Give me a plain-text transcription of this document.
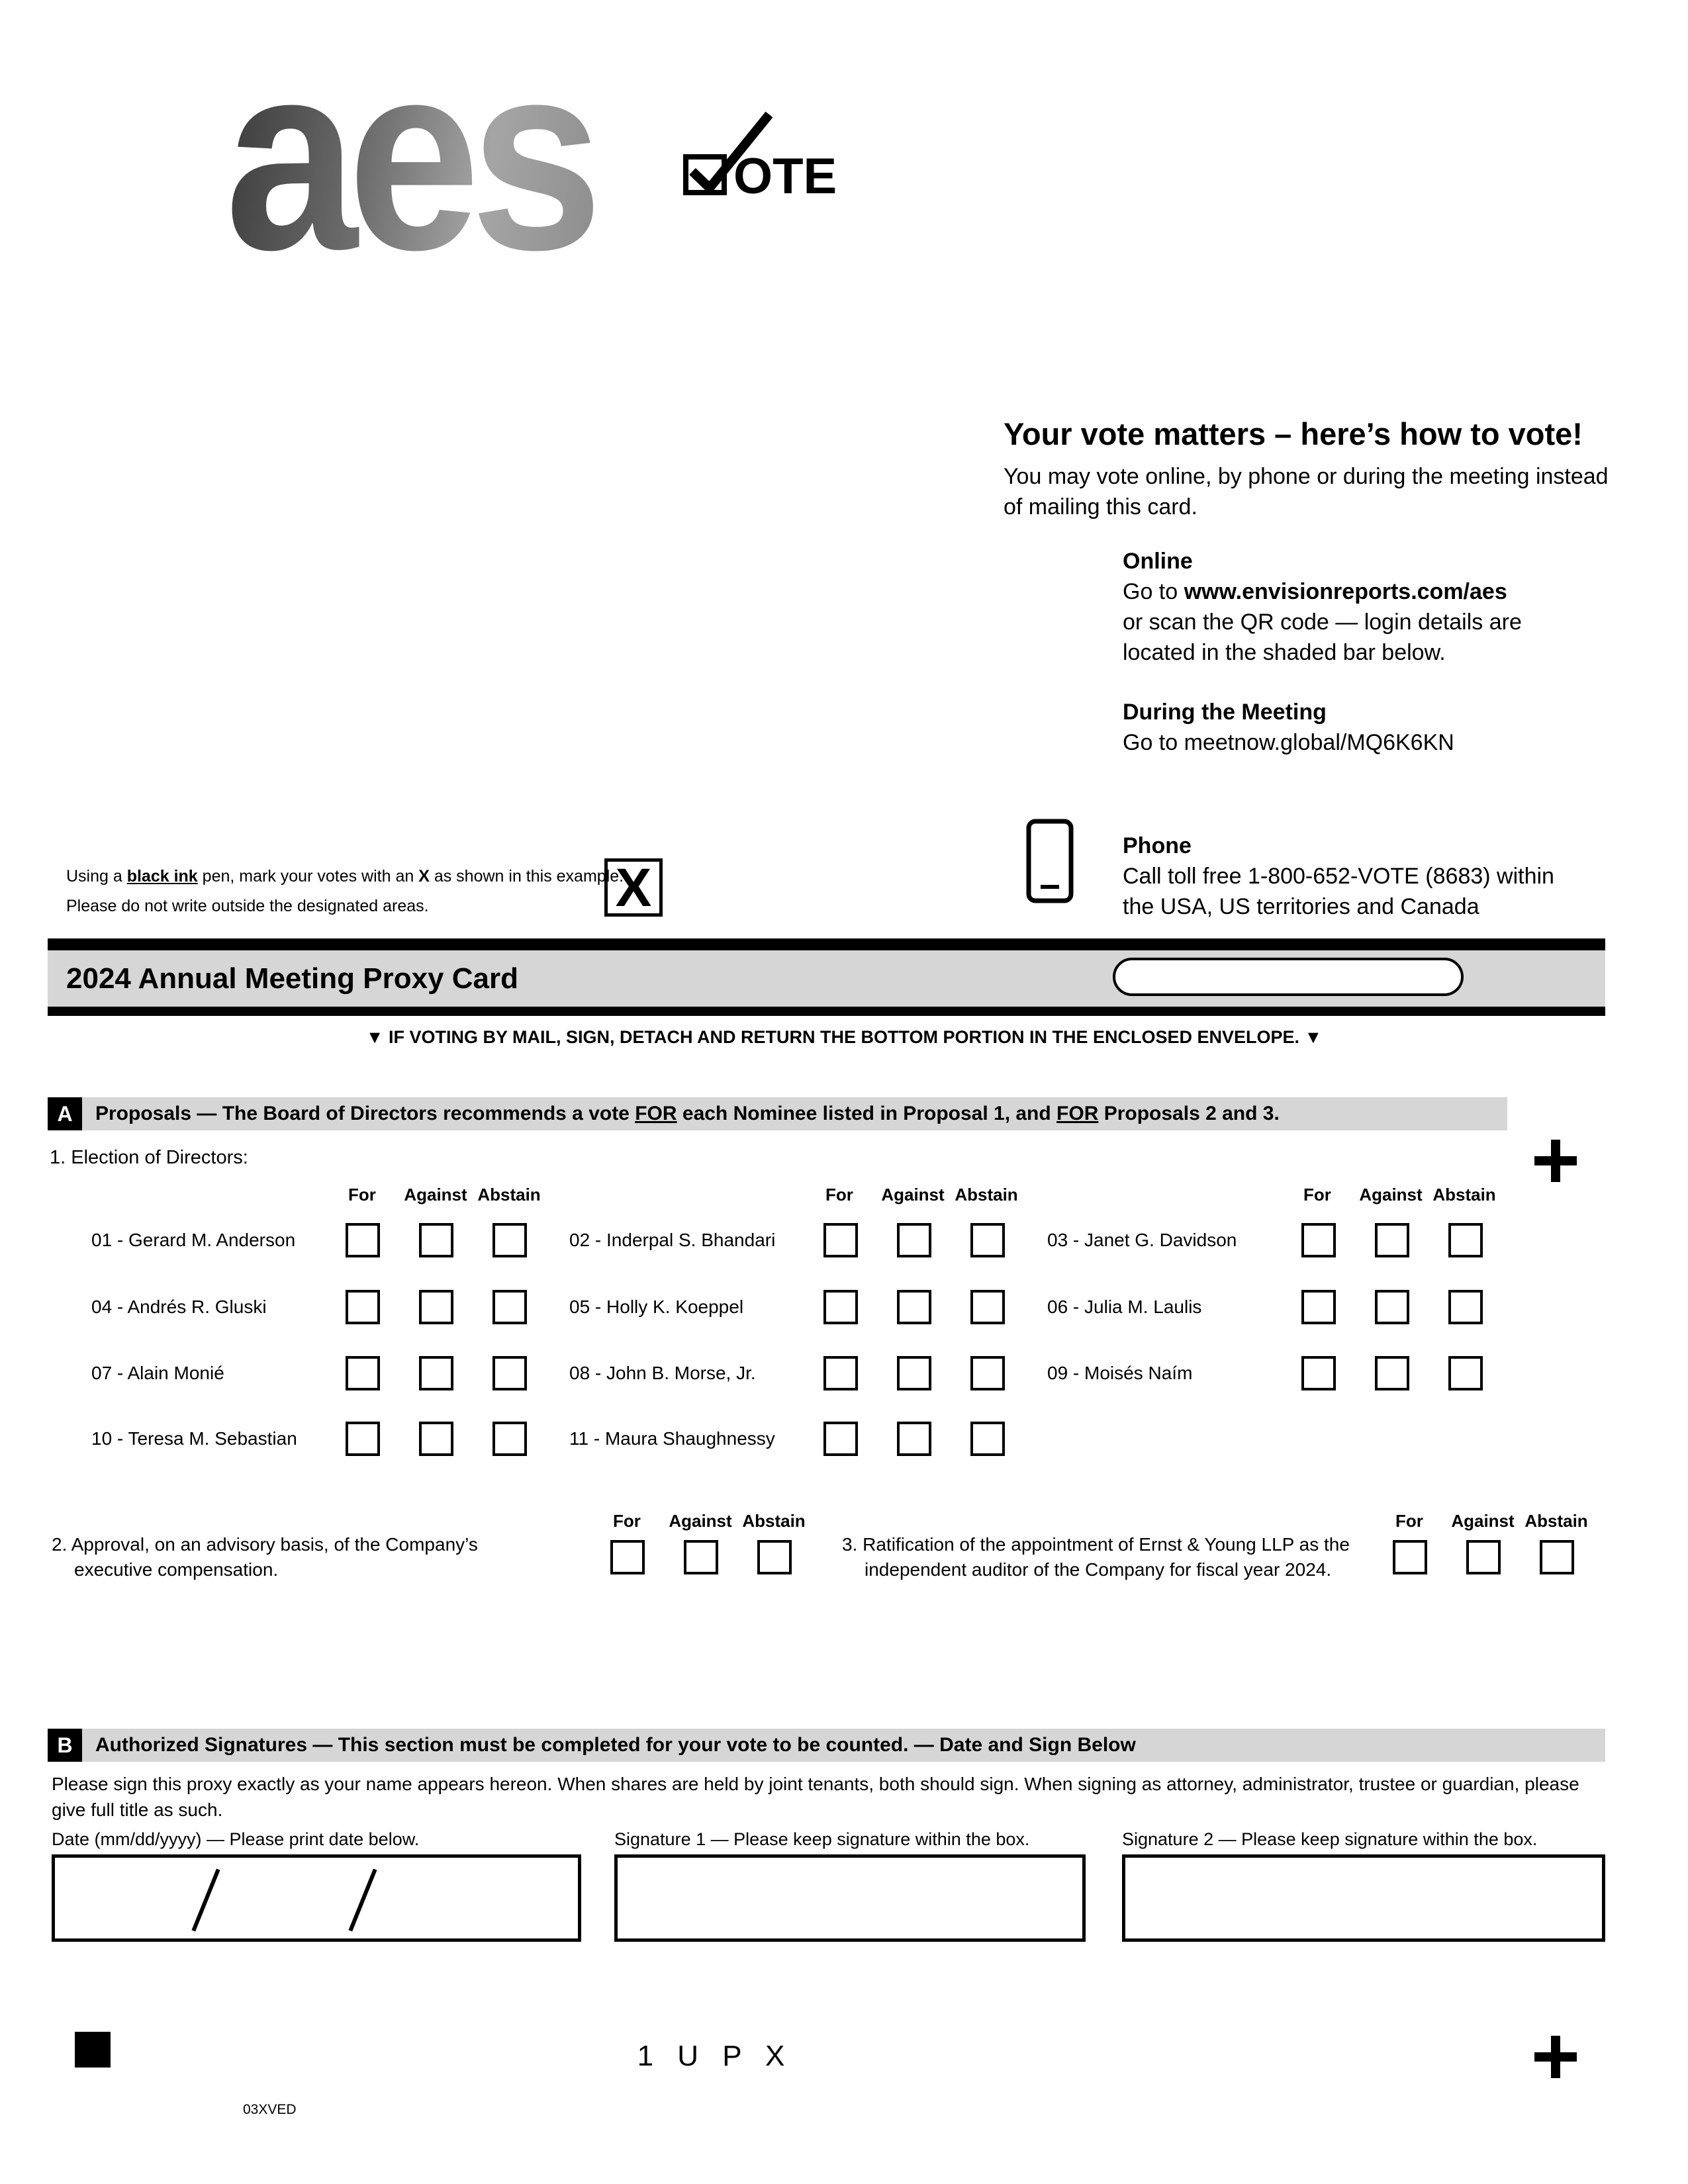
aes	OTE
Your vote matters – here’s how to vote!
You may vote online, by phone or during the meeting instead of mailing this card.
Online
Go to www.envisionreports.com/aes
or scan the QR code — login details are
located in the shaded bar below.
During the Meeting
Go to meetnow.global/MQ6K6KN
Phone
Call toll free 1-800-652-VOTE (8683) within
the USA, US territories and Canada
Using a black ink pen, mark your votes with an X as shown in this example.
Please do not write outside the designated areas.	X
2024 Annual Meeting Proxy Card
▼ IF VOTING BY MAIL, SIGN, DETACH AND RETURN THE BOTTOM PORTION IN THE ENCLOSED ENVELOPE. ▼
A	Proposals — The Board of Directors recommends a vote FOR each Nominee listed in Proposal 1, and FOR Proposals 2 and 3.
1. Election of Directors:
For Against Abstain	For Against Abstain	For Against Abstain
01 - Gerard M. Anderson	02 - Inderpal S. Bhandari	03 - Janet G. Davidson
04 - Andrés R. Gluski	05 - Holly K. Koeppel	06 - Julia M. Laulis
07 - Alain Monié	08 - John B. Morse, Jr.	09 - Moisés Naím
10 - Teresa M. Sebastian	11 - Maura Shaughnessy
2. Approval, on an advisory basis, of the Company’s executive compensation.
For Against Abstain
3. Ratification of the appointment of Ernst & Young LLP as the independent auditor of the Company for fiscal year 2024.
For Against Abstain
B	Authorized Signatures — This section must be completed for your vote to be counted. — Date and Sign Below
Please sign this proxy exactly as your name appears hereon. When shares are held by joint tenants, both should sign. When signing as attorney, administrator, trustee or guardian, please give full title as such.
Date (mm/dd/yyyy) — Please print date below.	Signature 1 — Please keep signature within the box.	Signature 2 — Please keep signature within the box.
1 U P X
03XVED
